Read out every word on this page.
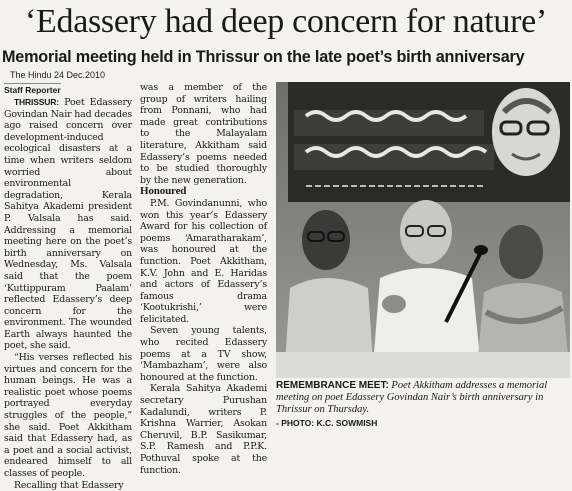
‘Edassery had deep concern for nature’
Memorial meeting held in Thrissur on the late poet’s birth anniversary
The Hindu 24 Dec.2010
Staff Reporter

THRISSUR: Poet Edassery Govindan Nair had decades ago raised concern over development-induced ecological disasters at a time when writers seldom worried about environmental degradation, Kerala Sahitya Akademi president P. Valsala has said. Addressing a memorial meeting here on the poet’s birth anniversary on Wednesday, Ms. Valsala said that the poem ‘Kuttippuram Paalam’ reflected Edassery’s deep concern for the environment. The wounded Earth always haunted the poet, she said.

“His verses reflected his virtues and concern for the human beings. He was a realistic poet whose poems portrayed everyday struggles of the people,” she said. Poet Akkitham said that Edassery had, as a poet and a social activist, endeared himself to all classes of people.

Recalling that Edassery

was a member of the group of writers hailing from Ponnani, who had made great contributions to the Malayalam literature, Akkitham said Edassery’s poems needed to be studied thoroughly by the new generation.

Honoured

P.M. Govindanunni, who won this year’s Edassery Award for his collection of poems ‘Amaratharakam’, was honoured at the function. Poet Akkitham, K.V. John and E. Haridas and actors of Edassery’s famous drama ‘Kootukrishi,’ were felicitated.

Seven young talents, who recited Edassery poems at a TV show, ‘Mambazham’, were also honoured at the function.

Kerala Sahitya Akademi secretary Purushan Kadalundi, writers P. Krishna Warrier, Asokan Cheruvil, B.P. Sasikumar, S.P. Ramesh and P.P.K. Pothuval spoke at the function.

REMEMBRANCE MEET: Poet Akkitham addresses a memorial meeting on poet Edassery Govindan Nair’s birth anniversary in Thrissur on Thursday.
- PHOTO: K.C. SOWMISH
